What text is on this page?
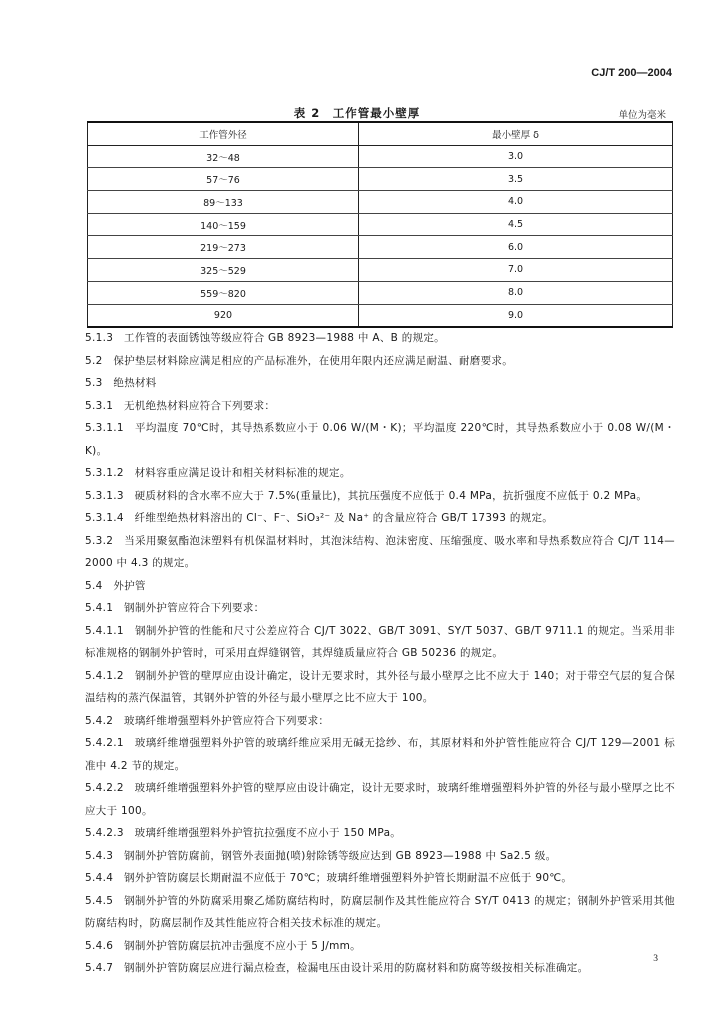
CJ/T 200—2004
表 2　工作管最小壁厚	单位为毫米
工作管外径	最小壁厚 δ
32～48	3.0
57～76	3.5
89～133	4.0
140～159	4.5
219～273	6.0
325～529	7.0
559～820	8.0
920	9.0

5.1.3　工作管的表面锈蚀等级应符合 GB 8923—1988 中 A、B 的规定。

5.2　保护垫层材料除应满足相应的产品标准外，在使用年限内还应满足耐温、耐磨要求。

5.3　绝热材料

5.3.1　无机绝热材料应符合下列要求：

5.3.1.1　平均温度 70℃时，其导热系数应小于 0.06 W/(M・K)；平均温度 220℃时，其导热系数应小于 0.08 W/(M・K)。

5.3.1.2　材料容重应满足设计和相关材料标准的规定。

5.3.1.3　硬质材料的含水率不应大于 7.5%(重量比)，其抗压强度不应低于 0.4 MPa，抗折强度不应低于 0.2 MPa。

5.3.1.4　纤维型绝热材料溶出的 Cl⁻、F⁻、SiO₃²⁻ 及 Na⁺ 的含量应符合 GB/T 17393 的规定。

5.3.2　当采用聚氨酯泡沫塑料有机保温材料时，其泡沫结构、泡沫密度、压缩强度、吸水率和导热系数应符合 CJ/T 114—2000 中 4.3 的规定。

5.4　外护管

5.4.1　钢制外护管应符合下列要求：

5.4.1.1　钢制外护管的性能和尺寸公差应符合 CJ/T 3022、GB/T 3091、SY/T 5037、GB/T 9711.1 的规定。当采用非标准规格的钢制外护管时，可采用直焊缝钢管，其焊缝质量应符合 GB 50236 的规定。

5.4.1.2　钢制外护管的壁厚应由设计确定，设计无要求时，其外径与最小壁厚之比不应大于 140；对于带空气层的复合保温结构的蒸汽保温管，其钢外护管的外径与最小壁厚之比不应大于 100。

5.4.2　玻璃纤维增强塑料外护管应符合下列要求：

5.4.2.1　玻璃纤维增强塑料外护管的玻璃纤维应采用无碱无捻纱、布，其原材料和外护管性能应符合 CJ/T 129—2001 标准中 4.2 节的规定。

5.4.2.2　玻璃纤维增强塑料外护管的壁厚应由设计确定，设计无要求时，玻璃纤维增强塑料外护管的外径与最小壁厚之比不应大于 100。

5.4.2.3　玻璃纤维增强塑料外护管抗拉强度不应小于 150 MPa。

5.4.3　钢制外护管防腐前，钢管外表面抛(喷)射除锈等级应达到 GB 8923—1988 中 Sa2.5 级。

5.4.4　钢外护管防腐层长期耐温不应低于 70℃；玻璃纤维增强塑料外护管长期耐温不应低于 90℃。

5.4.5　钢制外护管的外防腐采用聚乙烯防腐结构时，防腐层制作及其性能应符合 SY/T 0413 的规定；钢制外护管采用其他防腐结构时，防腐层制作及其性能应符合相关技术标准的规定。

5.4.6　钢制外护管防腐层抗冲击强度不应小于 5 J/mm。

5.4.7　钢制外护管防腐层应进行漏点检查，检漏电压由设计采用的防腐材料和防腐等级按相关标准确定。

3
